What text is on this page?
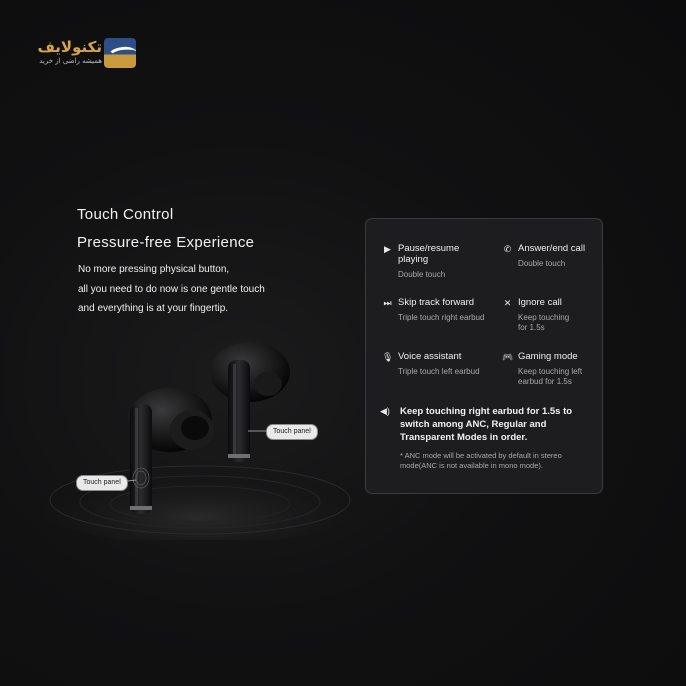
تکنولایف
همیشه راضی از خرید
Touch Control
Pressure-free Experience
No more pressing physical button,
all you need to do now is one gentle touch
and everything is at your fingertip.
Touch panel
Touch panel
▶ Pause/resume
playing
Double touch
✆ Answer/end call
Double touch
⏭ Skip track forward
Triple touch right earbud
✕ Ignore call
Keep touching
for 1.5s
🎙 Voice assistant
Triple touch left earbud
🎮 Gaming mode
Keep touching left
earbud for 1.5s
◀) Keep touching right earbud for 1.5s to switch among ANC, Regular and Transparent Modes in order.
* ANC mode will be activated by default in stereo mode(ANC is not available in mono mode).
